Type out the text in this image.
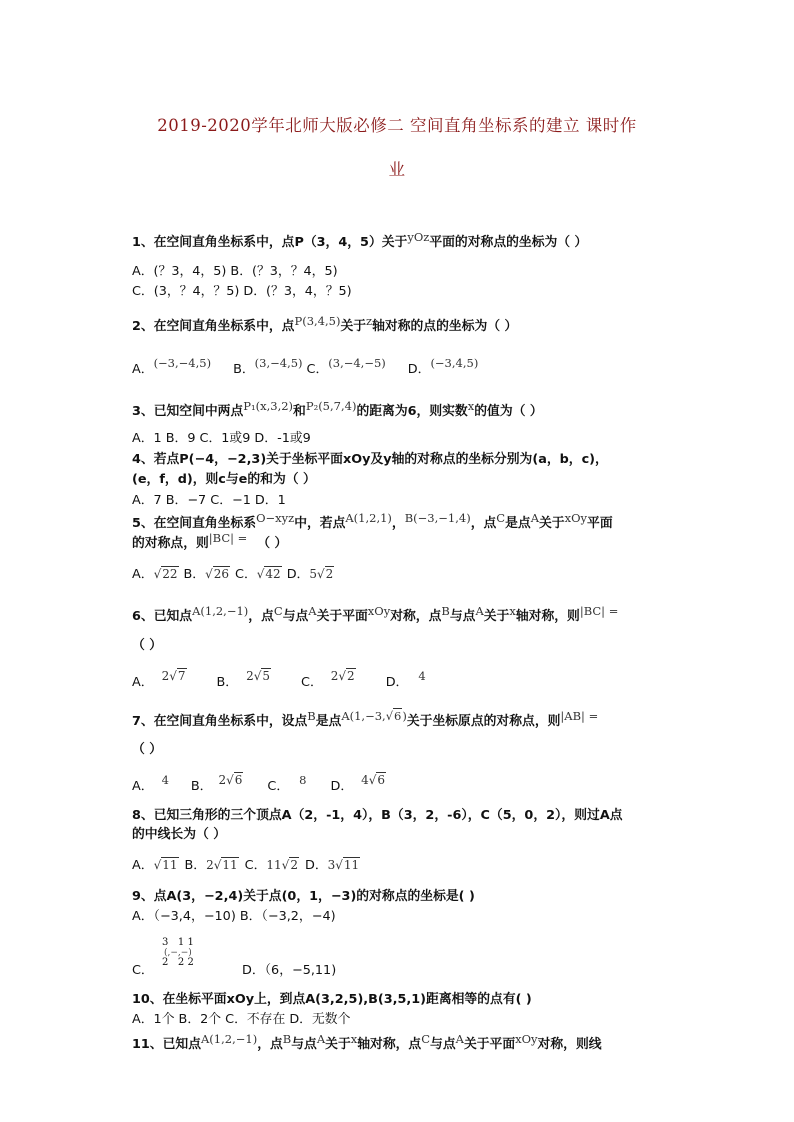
2019-2020学年北师大版必修二 空间直角坐标系的建立 课时作
业
1、在空间直角坐标系中，点P（3，4，5）关于yOz平面的对称点的坐标为（ ）
A．(？3，4，5) B．(？3，？4，5)
C．(3，？4，？5) D．(？3，4，？5)
2、在空间直角坐标系中，点P(3,4,5)关于z轴对称的点的坐标为（ ）
A．(−3,−4,5) B．(3,−4,5) C．(3,−4,−5) D．(−3,4,5)
3、已知空间中两点P₁(x,3,2)和P₂(5,7,4)的距离为6，则实数x的值为（ ）
A．1 B．9 C．1或9 D．-1或9
4、若点P(−4，−2,3)关于坐标平面xOy及y轴的对称点的坐标分别为(a，b，c)，
(e，f，d)，则c与e的和为（ ）
A．7 B．−7 C．−1 D．1
5、在空间直角坐标系O−xyz中，若点A(1,2,1)，B(−3,−1,4)，点C是点A关于xOy平面
的对称点，则|BC| = （ ）
A．√22 B．√26 C．√42 D．5√2
6、已知点A(1,2,−1)，点C与点A关于平面xOy对称，点B与点A关于x轴对称，则|BC| =
（ ）
A． 2√7 B． 2√5 C． 2√2 D． 4
7、在空间直角坐标系中，设点B是点A(1,−3,√6)关于坐标原点的对称点，则|AB| =
（ ）
A． 4 B． 2√6 C． 8 D． 4√6
8、已知三角形的三个顶点A（2，-1，4），B（3，2，-6），C（5，0，2），则过A点
的中线长为（ ）
A．√11 B．2√11 C．11√2 D．3√11
9、点A(3，−2,4)关于点(0，1，−3)的对称点的坐标是( )
A．（−3,4，−10) B．（−3,2，−4)
C．
3   1 1
(,−,−)
2   2 2
D．（6，−5,11)
10、在坐标平面xOy上，到点A(3,2,5),B(3,5,1)距离相等的点有( )
A．1个 B．2个 C．不存在 D．无数个
11、已知点A(1,2,−1)，点B与点A关于x轴对称，点C与点A关于平面xOy对称，则线
